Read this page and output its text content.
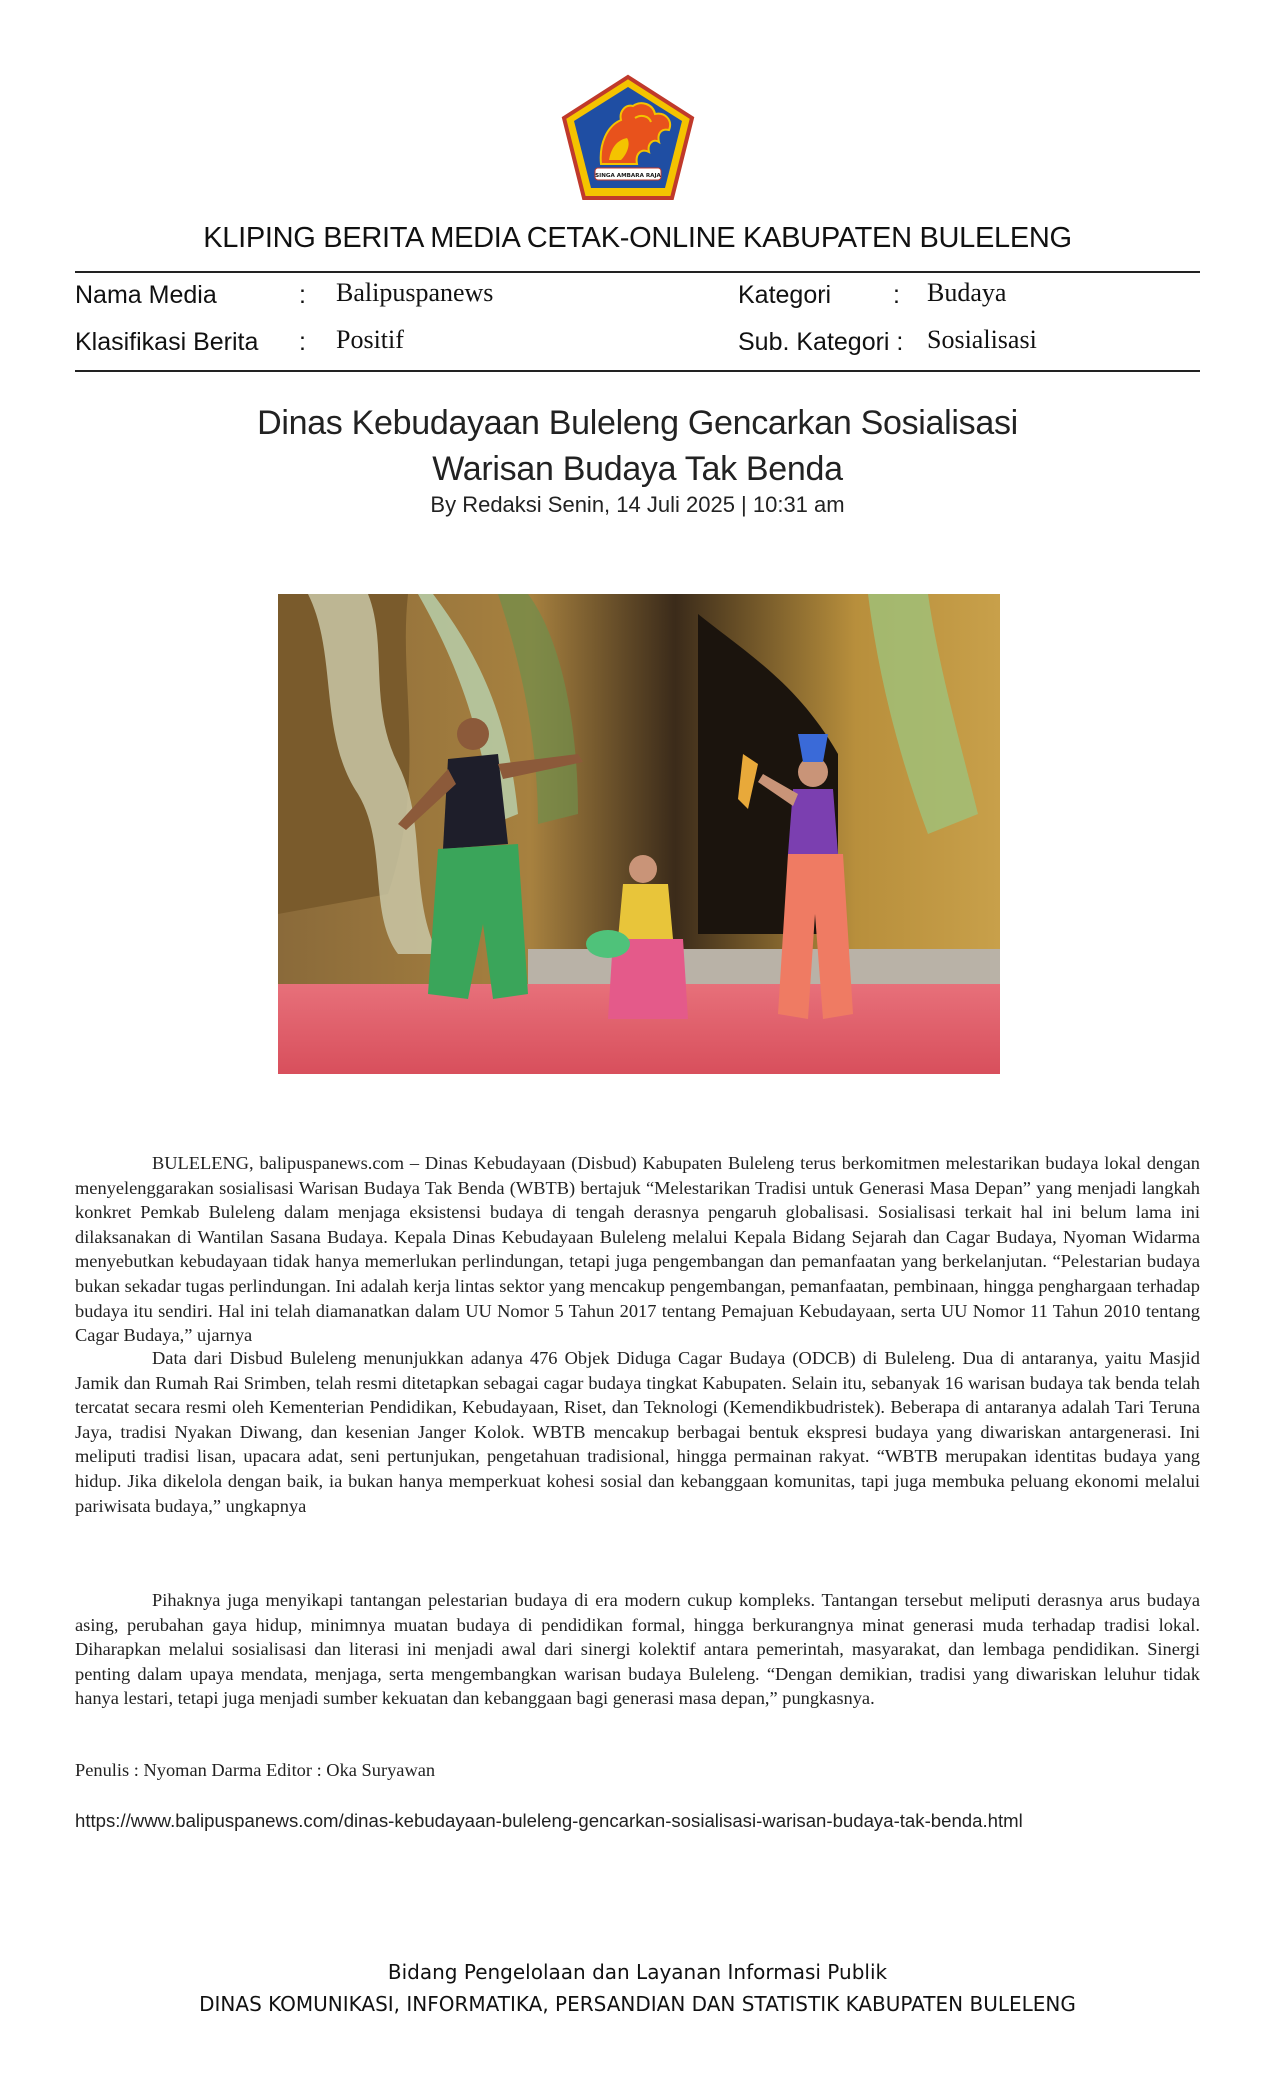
SINGA AMBARA RAJA
KLIPING BERITA MEDIA CETAK-ONLINE KABUPATEN BULELENG
Nama Media	: Balipuspanews	Kategori : Budaya
Klasifikasi Berita : Positif	Sub. Kategori : Sosialisasi
Dinas Kebudayaan Buleleng Gencarkan Sosialisasi
Warisan Budaya Tak Benda
By Redaksi Senin, 14 Juli 2025 | 10:31 am

BULELENG, balipuspanews.com – Dinas Kebudayaan (Disbud) Kabupaten Buleleng terus berkomitmen melestarikan budaya lokal dengan menyelenggarakan sosialisasi Warisan Budaya Tak Benda (WBTB) bertajuk “Melestarikan Tradisi untuk Generasi Masa Depan” yang menjadi langkah konkret Pemkab Buleleng dalam menjaga eksistensi budaya di tengah derasnya pengaruh globalisasi. Sosialisasi terkait hal ini belum lama ini dilaksanakan di Wantilan Sasana Budaya. Kepala Dinas Kebudayaan Buleleng melalui Kepala Bidang Sejarah dan Cagar Budaya, Nyoman Widarma menyebutkan kebudayaan tidak hanya memerlukan perlindungan, tetapi juga pengembangan dan pemanfaatan yang berkelanjutan. “Pelestarian budaya bukan sekadar tugas perlindungan. Ini adalah kerja lintas sektor yang mencakup pengembangan, pemanfaatan, pembinaan, hingga penghargaan terhadap budaya itu sendiri. Hal ini telah diamanatkan dalam UU Nomor 5 Tahun 2017 tentang Pemajuan Kebudayaan, serta UU Nomor 11 Tahun 2010 tentang Cagar Budaya,” ujarnya

Data dari Disbud Buleleng menunjukkan adanya 476 Objek Diduga Cagar Budaya (ODCB) di Buleleng. Dua di antaranya, yaitu Masjid Jamik dan Rumah Rai Srimben, telah resmi ditetapkan sebagai cagar budaya tingkat Kabupaten. Selain itu, sebanyak 16 warisan budaya tak benda telah tercatat secara resmi oleh Kementerian Pendidikan, Kebudayaan, Riset, dan Teknologi (Kemendikbudristek). Beberapa di antaranya adalah Tari Teruna Jaya, tradisi Nyakan Diwang, dan kesenian Janger Kolok. WBTB mencakup berbagai bentuk ekspresi budaya yang diwariskan antargenerasi. Ini meliputi tradisi lisan, upacara adat, seni pertunjukan, pengetahuan tradisional, hingga permainan rakyat. “WBTB merupakan identitas budaya yang hidup. Jika dikelola dengan baik, ia bukan hanya memperkuat kohesi sosial dan kebanggaan komunitas, tapi juga membuka peluang ekonomi melalui pariwisata budaya,” ungkapnya

Pihaknya juga menyikapi tantangan pelestarian budaya di era modern cukup kompleks. Tantangan tersebut meliputi derasnya arus budaya asing, perubahan gaya hidup, minimnya muatan budaya di pendidikan formal, hingga berkurangnya minat generasi muda terhadap tradisi lokal. Diharapkan melalui sosialisasi dan literasi ini menjadi awal dari sinergi kolektif antara pemerintah, masyarakat, dan lembaga pendidikan. Sinergi penting dalam upaya mendata, menjaga, serta mengembangkan warisan budaya Buleleng. “Dengan demikian, tradisi yang diwariskan leluhur tidak hanya lestari, tetapi juga menjadi sumber kekuatan dan kebanggaan bagi generasi masa depan,” pungkasnya.

Penulis : Nyoman Darma Editor : Oka Suryawan
https://www.balipuspanews.com/dinas-kebudayaan-buleleng-gencarkan-sosialisasi-warisan-budaya-tak-benda.html
Bidang Pengelolaan dan Layanan Informasi Publik
DINAS KOMUNIKASI, INFORMATIKA, PERSANDIAN DAN STATISTIK KABUPATEN BULELENG
